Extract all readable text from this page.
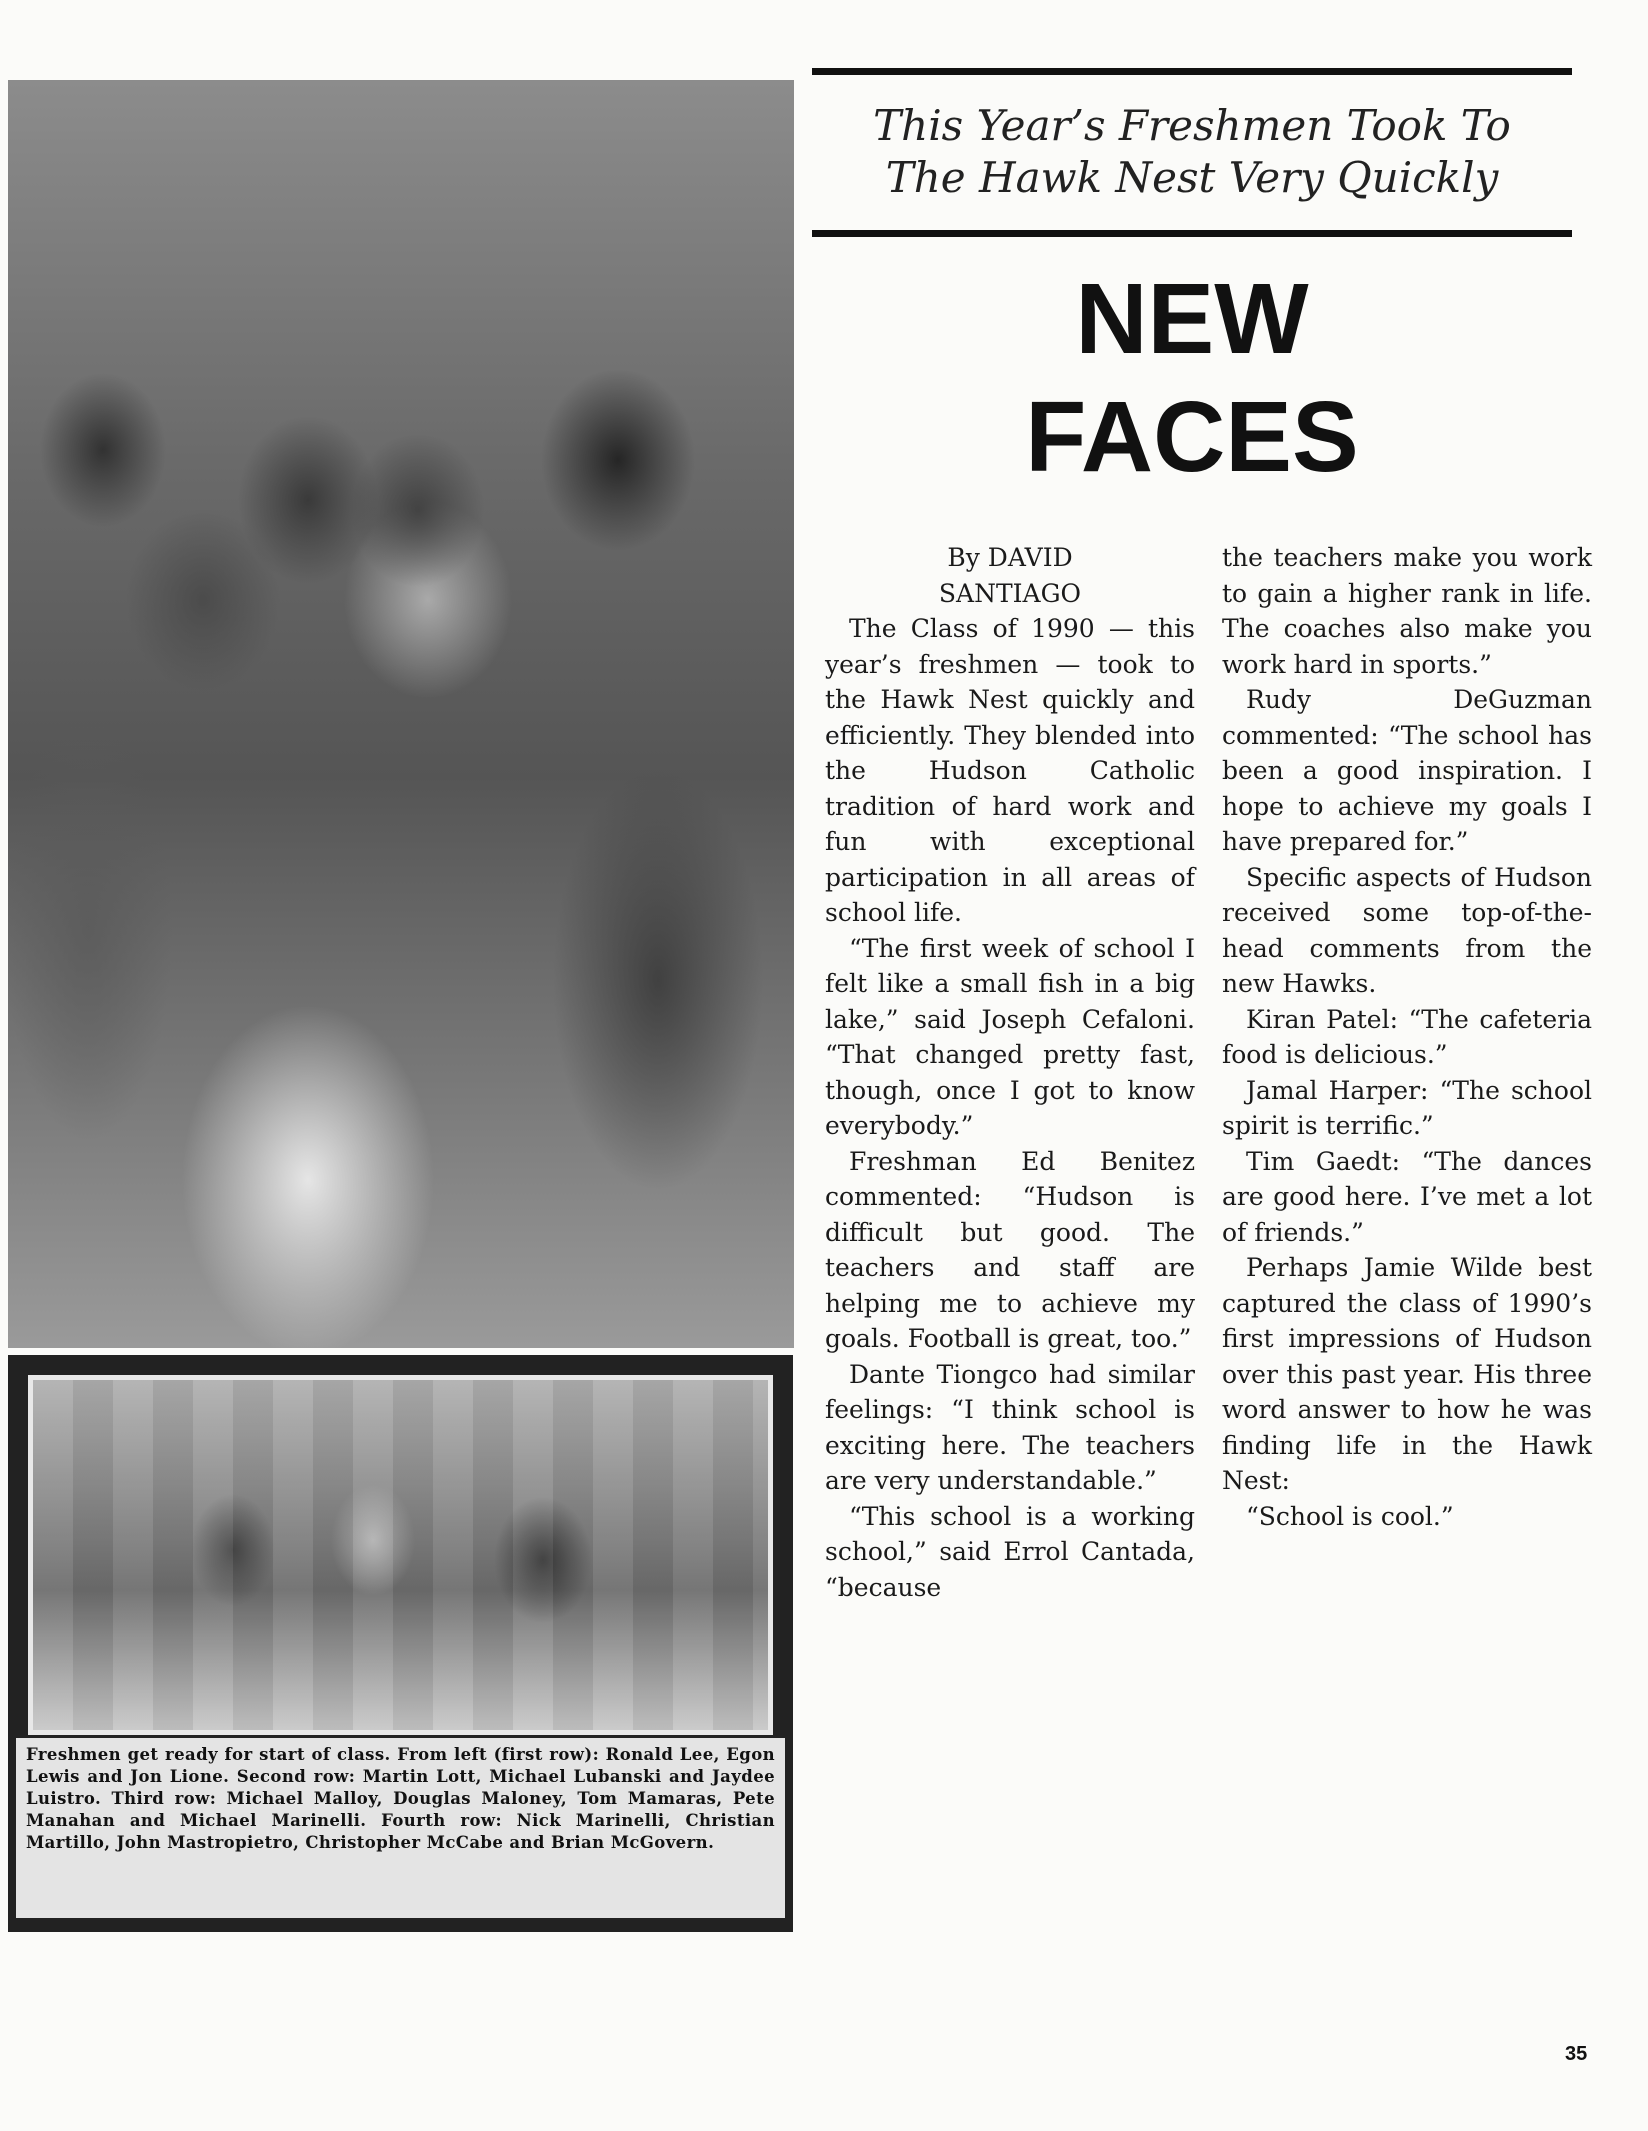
Freshmen get ready for start of class. From left (first row): Ronald Lee, Egon Lewis and Jon Lione. Second row: Martin Lott, Michael Lubanski and Jaydee Luistro. Third row: Michael Malloy, Douglas Maloney, Tom Mamaras, Pete Manahan and Michael Marinelli. Fourth row: Nick Marinelli, Christian Martillo, John Mastropietro, Christopher McCabe and Brian McGovern.
This Year’s Freshmen Took To
The Hawk Nest Very Quickly
NEW
FACES
By DAVID
SANTIAGO

The Class of 1990 — this year’s freshmen — took to the Hawk Nest quickly and efficiently. They blended into the Hudson Catholic tradition of hard work and fun with exceptional participation in all areas of school life.

“The first week of school I felt like a small fish in a big lake,” said Joseph Cefaloni. “That changed pretty fast, though, once I got to know everybody.”

Freshman Ed Benitez commented: “Hudson is difficult but good. The teachers and staff are helping me to achieve my goals. Football is great, too.”

Dante Tiongco had similar feelings: “I think school is exciting here. The teachers are very understandable.”

“This school is a working school,” said Errol Cantada, “because

the teachers make you work to gain a higher rank in life. The coaches also make you work hard in sports.”

Rudy DeGuzman commented: “The school has been a good inspiration. I hope to achieve my goals I have prepared for.”

Specific aspects of Hudson received some top-of-the-head comments from the new Hawks.

Kiran Patel: “The cafeteria food is delicious.”

Jamal Harper: “The school spirit is terrific.”

Tim Gaedt: “The dances are good here. I’ve met a lot of friends.”

Perhaps Jamie Wilde best captured the class of 1990’s first impressions of Hudson over this past year. His three word answer to how he was finding life in the Hawk Nest:

“School is cool.”

35
